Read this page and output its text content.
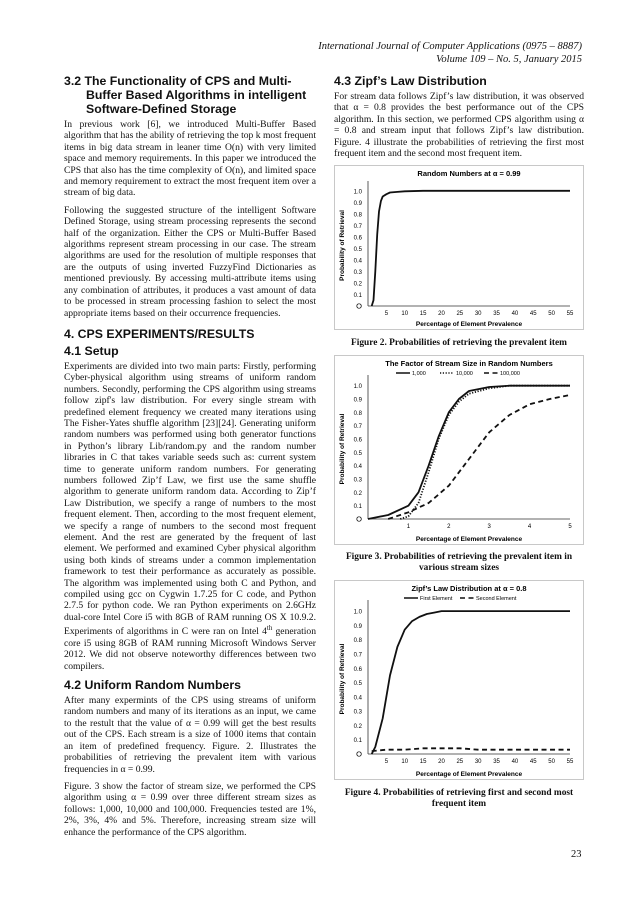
International Journal of Computer Applications (0975 – 8887)
Volume 109 – No. 5, January 2015
3.2 The Functionality of CPS and Multi-Buffer Based Algorithms in intelligent Software-Defined Storage

In previous work [6], we introduced Multi-Buffer Based algorithm that has the ability of retrieving the top k most frequent items in big data stream in leaner time O(n) with very limited space and memory requirements. In this paper we introduced the CPS that also has the time complexity of O(n), and limited space and memory requirement to extract the most frequent item over a stream of big data.

Following the suggested structure of the intelligent Software Defined Storage, using stream processing represents the second half of the organization. Either the CPS or Multi-Buffer Based algorithms represent stream processing in our case. The stream algorithms are used for the resolution of multiple responses that are the outputs of using inverted FuzzyFind Dictionaries as mentioned previously. By accessing multi-attribute items using any combination of attributes, it produces a vast amount of data to be processed in stream processing fashion to select the most appropriate items based on their occurrence frequencies.

4. CPS EXPERIMENTS/RESULTS
4.1 Setup

Experiments are divided into two main parts: Firstly, performing Cyber-physical algorithm using streams of uniform random numbers. Secondly, performing the CPS algorithm using streams follow zipf's law distribution. For every single stream with predefined element frequency we created many iterations using The Fisher-Yates shuffle algorithm [23][24]. Generating uniform random numbers was performed using both generator functions in Python’s library Lib/random.py and the random number libraries in C that takes variable seeds such as: current system time to generate uniform random numbers. For generating numbers followed Zip’f Law, we first use the same shuffle algorithm to generate uniform random data. According to Zip’f Law Distribution, we specify a range of numbers to the most frequent element. Then, according to the most frequent element, we specify a range of numbers to the second most frequent element. And the rest are generated by the frequent of last element. We performed and examined Cyber physical algorithm using both kinds of streams under a common implementation framework to test their performance as accurately as possible. The algorithm was implemented using both C and Python, and compiled using gcc on Cygwin 1.7.25 for C code, and Python 2.7.5 for python code. We ran Python experiments on 2.6GHz dual-core Intel Core i5 with 8GB of RAM running OS X 10.9.2. Experiments of algorithms in C were ran on Intel 4th generation core i5 using 8GB of RAM running Microsoft Windows Server 2012. We did not observe noteworthy differences between two compilers.

4.2 Uniform Random Numbers

After many expermints of the CPS using streams of uniform random numbers and many of its iterations as an input, we came to the restult that the value of α = 0.99 will get the best results out of the CPS. Each stream is a size of 1000 items that contain an item of predefined frequency. Figure. 2. Illustrates the probabilities of retrieving the prevalent item with various frequencies in α = 0.99.

Figure. 3 show the factor of stream size, we performed the CPS algorithm using α = 0.99 over three different stream sizes as follows: 1,000, 10,000 and 100,000. Frequencies tested are 1%, 2%, 3%, 4% and 5%. Therefore, increasing stream size will enhance the performance of the CPS algorithm.

4.3 Zipf’s Law Distribution

For stream data follows Zipf’s law distribution, it was observed that α = 0.8 provides the best performance out of the CPS algorithm. In this section, we performed CPS algorithm using α = 0.8 and stream input that follows Zipf’s law distribution. Figure. 4 illustrate the probabilities of retrieving the first most frequent item and the second most frequent item.

Random Numbers at α = 0.99
O
0.1
0.2
0.3
0.4
0.5
0.6
0.7
0.8
0.9
1.0
5 10 15 20 25 30 35 40 45 50 55
Percentage of Element Prevalence
Probability of Retrieval
Figure 2. Probabilities of retrieving the prevalent item
The Factor of Stream Size in Random Numbers
O
0.1
0.2
0.3
0.4
0.5
0.6
0.7
0.8
0.9
1.0
1	2	3	4	5
Percentage of Element Prevalence
Probability of Retrieval
1,000	10,000	100,000
Figure 3. Probabilities of retrieving the prevalent item in various stream sizes
Zipf’s Law Distribution at α = 0.8
O
0.1
0.2
0.3
0.4
0.5
0.6
0.7
0.8
0.9
1.0
5 10 15 20 25 30 35 40 45 50 55
Percentage of Element Prevalence
Probability of Retrieval
First Element	Second Element
Figure 4. Probabilities of retrieving first and second most frequent item
23
